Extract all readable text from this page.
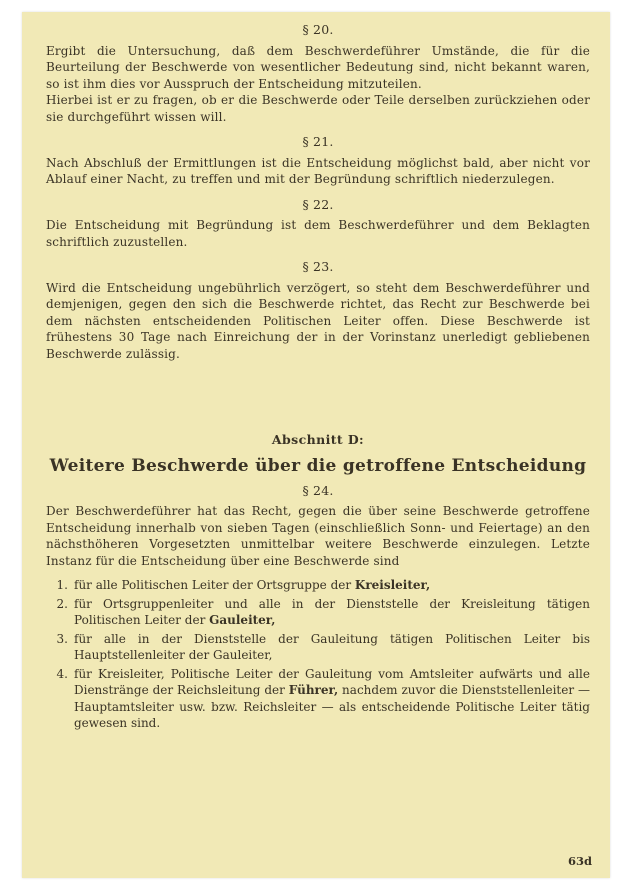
§ 20.

Ergibt die Untersuchung, daß dem Beschwerdeführer Umstände, die für die Beurteilung der Beschwerde von wesentlicher Bedeutung sind, nicht bekannt waren, so ist ihm dies vor Ausspruch der Entscheidung mitzuteilen.

Hierbei ist er zu fragen, ob er die Beschwerde oder Teile derselben zurückziehen oder sie durchgeführt wissen will.

§ 21.

Nach Abschluß der Ermittlungen ist die Entscheidung möglichst bald, aber nicht vor Ablauf einer Nacht, zu treffen und mit der Begründung schriftlich niederzulegen.

§ 22.

Die Entscheidung mit Begründung ist dem Beschwerdeführer und dem Beklagten schriftlich zuzustellen.

§ 23.

Wird die Entscheidung ungebührlich verzögert, so steht dem Beschwerdeführer und demjenigen, gegen den sich die Beschwerde richtet, das Recht zur Beschwerde bei dem nächsten entscheidenden Politischen Leiter offen. Diese Beschwerde ist frühestens 30 Tage nach Einreichung der in der Vorinstanz unerledigt gebliebenen Beschwerde zulässig.

Abschnitt D:
Weitere Beschwerde über die getroffene Entscheidung
§ 24.

Der Beschwerdeführer hat das Recht, gegen die über seine Beschwerde getroffene Entscheidung innerhalb von sieben Tagen (einschließlich Sonn- und Feiertage) an den nächsthöheren Vorgesetzten unmittelbar weitere Beschwerde einzulegen. Letzte Instanz für die Entscheidung über eine Beschwerde sind

1. für alle Politischen Leiter der Ortsgruppe der Kreisleiter,
2. für Ortsgruppenleiter und alle in der Dienststelle der Kreisleitung tätigen Politischen Leiter der Gauleiter,
3. für alle in der Dienststelle der Gauleitung tätigen Politischen Leiter bis Hauptstellenleiter der Gauleiter,
4. für Kreisleiter, Politische Leiter der Gauleitung vom Amtsleiter aufwärts und alle Dienstränge der Reichsleitung der Führer, nachdem zuvor die Dienststellenleiter — Hauptamtsleiter usw. bzw. Reichsleiter — als entscheidende Politische Leiter tätig gewesen sind.
63d
